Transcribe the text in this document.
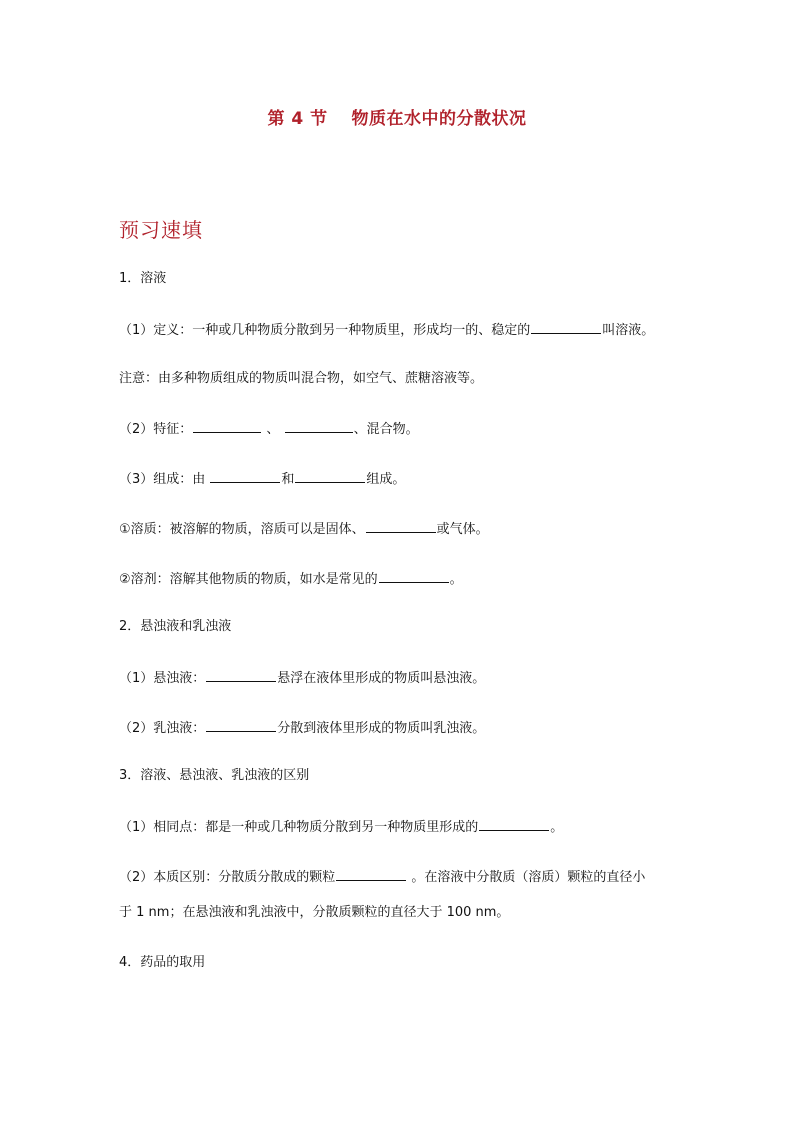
第 4 节　 物质在水中的分散状况
预习速填
1．溶液
（1）定义：一种或几种物质分散到另一种物质里，形成均一的、稳定的	叫溶液。
注意：由多种物质组成的物质叫混合物，如空气、蔗糖溶液等。
（2）特征：	、	、混合物。
（3）组成：由	和	组成。
①溶质：被溶解的物质，溶质可以是固体、	或气体。
②溶剂：溶解其他物质的物质，如水是常见的	。
2．悬浊液和乳浊液
（1）悬浊液：	悬浮在液体里形成的物质叫悬浊液。
（2）乳浊液：	分散到液体里形成的物质叫乳浊液。
3．溶液、悬浊液、乳浊液的区别
（1）相同点：都是一种或几种物质分散到另一种物质里形成的	。
（2）本质区别：分散质分散成的颗粒	。在溶液中分散质（溶质）颗粒的直径小
于 1 nm；在悬浊液和乳浊液中，分散质颗粒的直径大于 100 nm。
4．药品的取用
